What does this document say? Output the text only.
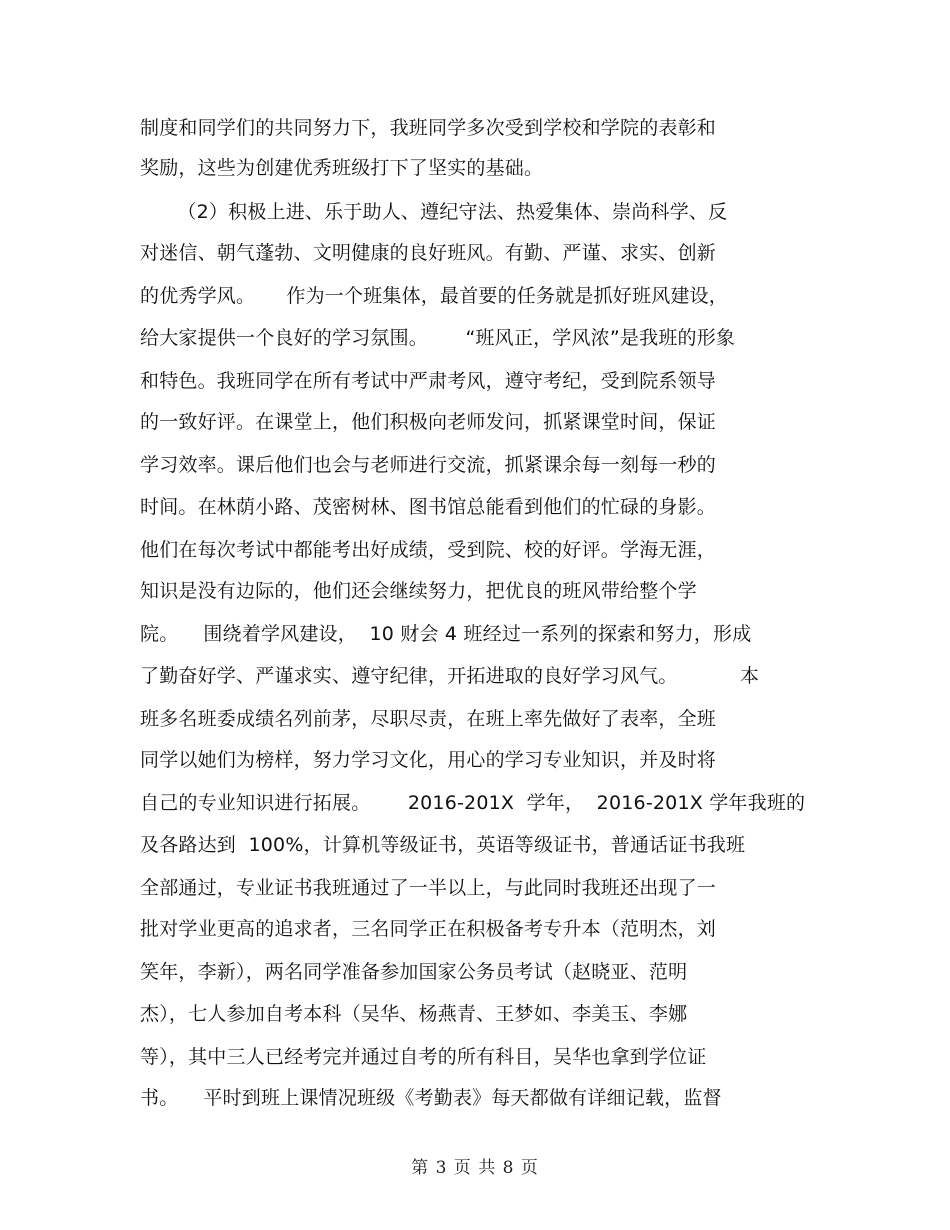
制度和同学们的共同努力下，我班同学多次受到学校和学院的表彰和
奖励，这些为创建优秀班级打下了坚实的基础。
（2）积极上进、乐于助人、遵纪守法、热爱集体、崇尚科学、反
对迷信、朝气蓬勃、文明健康的良好班风。有勤、严谨、求实、创新
的优秀学风。     作为一个班集体，最首要的任务就是抓好班风建设，
给大家提供一个良好的学习氛围。      “班风正，学风浓”是我班的形象
和特色。我班同学在所有考试中严肃考风，遵守考纪，受到院系领导
的一致好评。在课堂上，他们积极向老师发问，抓紧课堂时间，保证
学习效率。课后他们也会与老师进行交流，抓紧课余每一刻每一秒的
时间。在林荫小路、茂密树林、图书馆总能看到他们的忙碌的身影。
他们在每次考试中都能考出好成绩，受到院、校的好评。学海无涯，
知识是没有边际的，他们还会继续努力，把优良的班风带给整个学
院。    围绕着学风建设，  10 财会 4 班经过一系列的探索和努力，形成
了勤奋好学、严谨求实、遵守纪律，开拓进取的良好学习风气。          本
班多名班委成绩名列前茅，尽职尽责，在班上率先做好了表率，全班
同学以她们为榜样，努力学习文化，用心的学习专业知识，并及时将
自己的专业知识进行拓展。      2016-201X  学年，  2016-201X 学年我班的
及各路达到  100%，计算机等级证书，英语等级证书，普通话证书我班
全部通过，专业证书我班通过了一半以上，与此同时我班还出现了一
批对学业更高的追求者，三名同学正在积极备考专升本（范明杰，刘
笑年，李新），两名同学准备参加国家公务员考试（赵晓亚、范明
杰），七人参加自考本科（吴华、杨燕青、王梦如、李美玉、李娜
等），其中三人已经考完并通过自考的所有科目，吴华也拿到学位证
书。    平时到班上课情况班级《考勤表》每天都做有详细记载，监督
第 3 页 共 8 页
